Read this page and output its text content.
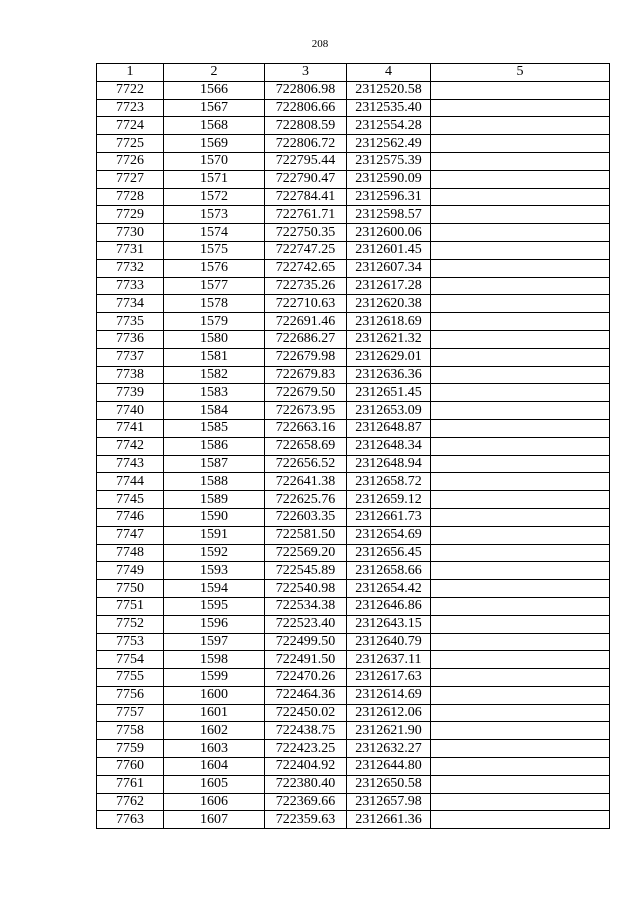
208
1	2	3	4	5
7722	1566	722806.98	2312520.58	
7723	1567	722806.66	2312535.40	
7724	1568	722808.59	2312554.28	
7725	1569	722806.72	2312562.49	
7726	1570	722795.44	2312575.39	
7727	1571	722790.47	2312590.09	
7728	1572	722784.41	2312596.31	
7729	1573	722761.71	2312598.57	
7730	1574	722750.35	2312600.06	
7731	1575	722747.25	2312601.45	
7732	1576	722742.65	2312607.34	
7733	1577	722735.26	2312617.28	
7734	1578	722710.63	2312620.38	
7735	1579	722691.46	2312618.69	
7736	1580	722686.27	2312621.32	
7737	1581	722679.98	2312629.01	
7738	1582	722679.83	2312636.36	
7739	1583	722679.50	2312651.45	
7740	1584	722673.95	2312653.09	
7741	1585	722663.16	2312648.87	
7742	1586	722658.69	2312648.34	
7743	1587	722656.52	2312648.94	
7744	1588	722641.38	2312658.72	
7745	1589	722625.76	2312659.12	
7746	1590	722603.35	2312661.73	
7747	1591	722581.50	2312654.69	
7748	1592	722569.20	2312656.45	
7749	1593	722545.89	2312658.66	
7750	1594	722540.98	2312654.42	
7751	1595	722534.38	2312646.86	
7752	1596	722523.40	2312643.15	
7753	1597	722499.50	2312640.79	
7754	1598	722491.50	2312637.11	
7755	1599	722470.26	2312617.63	
7756	1600	722464.36	2312614.69	
7757	1601	722450.02	2312612.06	
7758	1602	722438.75	2312621.90	
7759	1603	722423.25	2312632.27	
7760	1604	722404.92	2312644.80	
7761	1605	722380.40	2312650.58	
7762	1606	722369.66	2312657.98	
7763	1607	722359.63	2312661.36	
